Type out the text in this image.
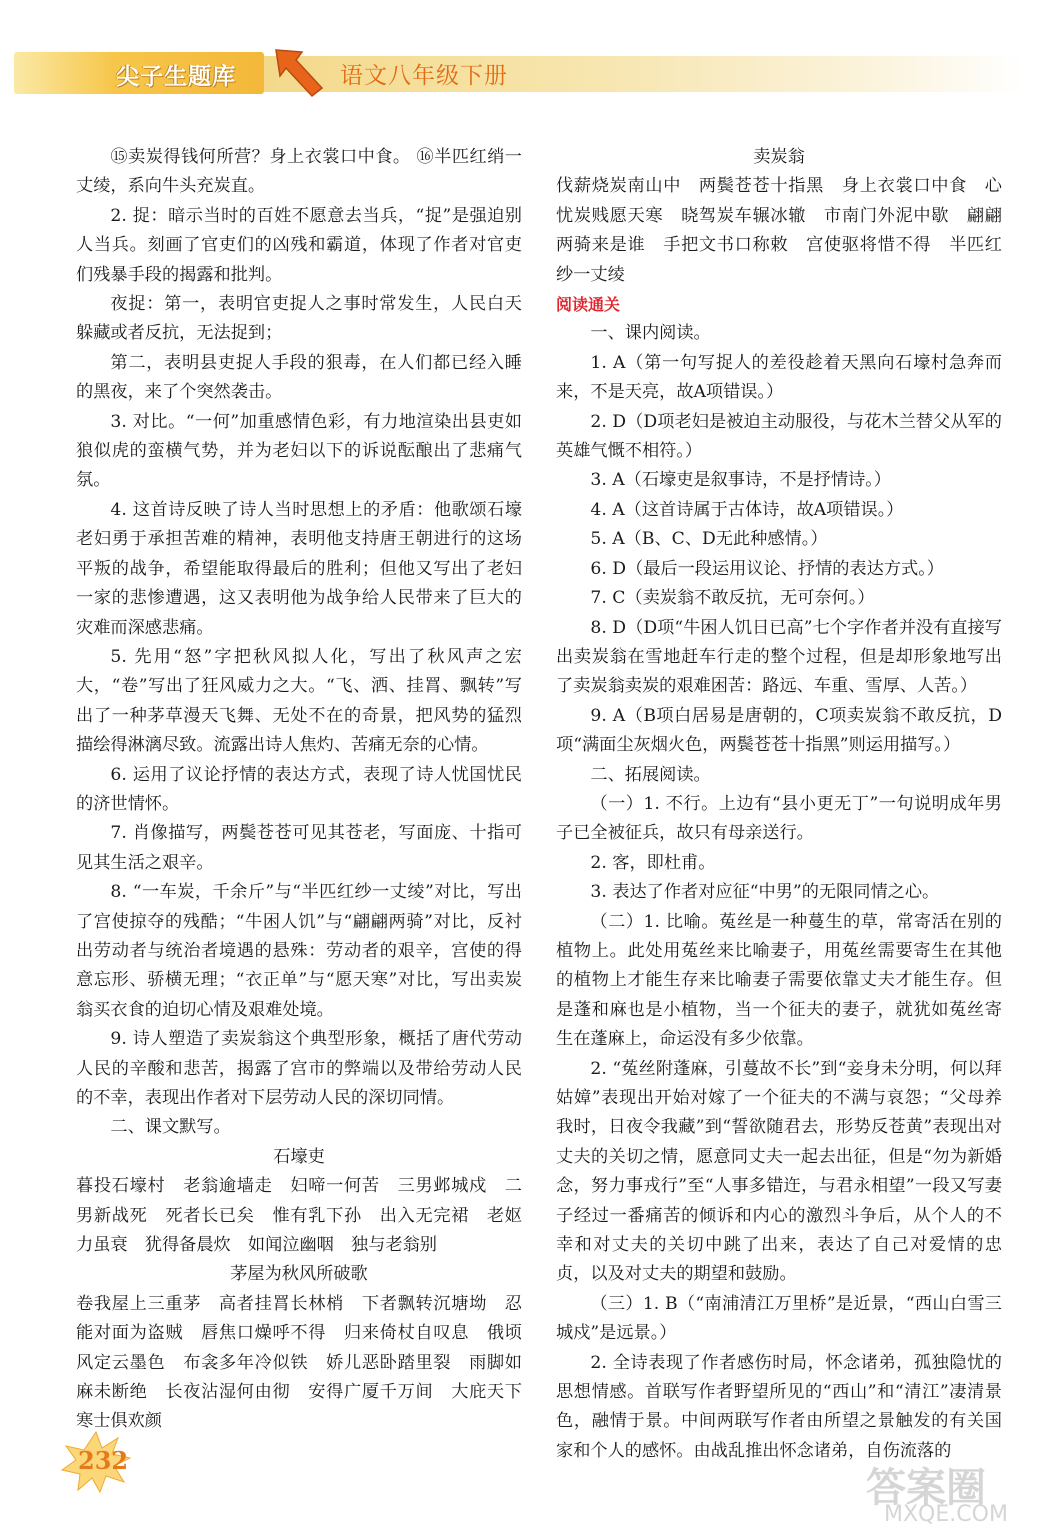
尖子生题库	语文八年级下册

⑮卖炭得钱何所营？身上衣裳口中食。 ⑯半匹红绡一丈绫，系向牛头充炭直。

2. 捉：暗示当时的百姓不愿意去当兵，“捉”是强迫别人当兵。刻画了官吏们的凶残和霸道，体现了作者对官吏们残暴手段的揭露和批判。

夜捉：第一，表明官吏捉人之事时常发生，人民白天躲藏或者反抗，无法捉到；

第二，表明县吏捉人手段的狠毒，在人们都已经入睡的黑夜，来了个突然袭击。

3. 对比。“一何”加重感情色彩，有力地渲染出县吏如狼似虎的蛮横气势，并为老妇以下的诉说酝酿出了悲痛气氛。

4. 这首诗反映了诗人当时思想上的矛盾：他歌颂石壕老妇勇于承担苦难的精神，表明他支持唐王朝进行的这场平叛的战争，希望能取得最后的胜利；但他又写出了老妇一家的悲惨遭遇，这又表明他为战争给人民带来了巨大的灾难而深感悲痛。

5. 先用“怒”字把秋风拟人化，写出了秋风声之宏大，“卷”写出了狂风威力之大。“飞、洒、挂罥、飘转”写出了一种茅草漫天飞舞、无处不在的奇景，把风势的猛烈描绘得淋漓尽致。流露出诗人焦灼、苦痛无奈的心情。

6. 运用了议论抒情的表达方式，表现了诗人忧国忧民的济世情怀。

7. 肖像描写，两鬓苍苍可见其苍老，写面庞、十指可见其生活之艰辛。

8. “一车炭，千余斤”与“半匹红纱一丈绫”对比，写出了宫使掠夺的残酷；“牛困人饥”与“翩翩两骑”对比，反衬出劳动者与统治者境遇的悬殊：劳动者的艰辛，宫使的得意忘形、骄横无理；“衣正单”与“愿天寒”对比，写出卖炭翁买衣食的迫切心情及艰难处境。

9. 诗人塑造了卖炭翁这个典型形象，概括了唐代劳动人民的辛酸和悲苦，揭露了宫市的弊端以及带给劳动人民的不幸，表现出作者对下层劳动人民的深切同情。

二、课文默写。

石壕吏

暮投石壕村　老翁逾墙走　妇啼一何苦　三男邺城戍　二男新战死　死者长已矣　惟有乳下孙　出入无完裙　老妪力虽衰　犹得备晨炊　如闻泣幽咽　独与老翁别

茅屋为秋风所破歌

卷我屋上三重茅　高者挂罥长林梢　下者飘转沉塘坳　忍能对面为盗贼　唇焦口燥呼不得　归来倚杖自叹息　俄顷风定云墨色　布衾多年冷似铁　娇儿恶卧踏里裂　雨脚如麻未断绝　长夜沾湿何由彻　安得广厦千万间　大庇天下寒士俱欢颜

卖炭翁

伐薪烧炭南山中　两鬓苍苍十指黑　身上衣裳口中食　心忧炭贱愿天寒　晓驾炭车辗冰辙　市南门外泥中歇　翩翩两骑来是谁　手把文书口称敕　宫使驱将惜不得　半匹红纱一丈绫

阅读通关

一、课内阅读。

1. A（第一句写捉人的差役趁着天黑向石壕村急奔而来，不是天亮，故A项错误。）

2. D（D项老妇是被迫主动服役，与花木兰替父从军的英雄气慨不相符。）

3. A（石壕吏是叙事诗，不是抒情诗。）

4. A（这首诗属于古体诗，故A项错误。）

5. A（B、C、D无此种感情。）

6. D（最后一段运用议论、抒情的表达方式。）

7. C（卖炭翁不敢反抗，无可奈何。）

8. D（D项“牛困人饥日已高”七个字作者并没有直接写出卖炭翁在雪地赶车行走的整个过程，但是却形象地写出了卖炭翁卖炭的艰难困苦：路远、车重、雪厚、人苦。）

9. A（B项白居易是唐朝的，C项卖炭翁不敢反抗，D项“满面尘灰烟火色，两鬓苍苍十指黑”则运用描写。）

二、拓展阅读。

（一）1. 不行。上边有“县小更无丁”一句说明成年男子已全被征兵，故只有母亲送行。

2. 客，即杜甫。

3. 表达了作者对应征“中男”的无限同情之心。

（二）1. 比喻。菟丝是一种蔓生的草，常寄活在别的植物上。此处用菟丝来比喻妻子，用菟丝需要寄生在其他的植物上才能生存来比喻妻子需要依靠丈夫才能生存。但是蓬和麻也是小植物，当一个征夫的妻子，就犹如菟丝寄生在蓬麻上，命运没有多少依靠。

2. “菟丝附蓬麻，引蔓故不长”到“妾身未分明，何以拜姑嫜”表现出开始对嫁了一个征夫的不满与哀怨；“父母养我时，日夜令我藏”到“誓欲随君去，形势反苍黄”表现出对丈夫的关切之情，愿意同丈夫一起去出征，但是“勿为新婚念，努力事戎行”至“人事多错迕，与君永相望”一段又写妻子经过一番痛苦的倾诉和内心的激烈斗争后，从个人的不幸和对丈夫的关切中跳了出来，表达了自己对爱情的忠贞，以及对丈夫的期望和鼓励。

（三）1. B（“南浦清江万里桥”是近景，“西山白雪三城戍”是远景。）

2. 全诗表现了作者感伤时局，怀念诸弟，孤独隐忧的思想情感。首联写作者野望所见的“西山”和“清江”凄清景色，融情于景。中间两联写作者由所望之景触发的有关国家和个人的感怀。由战乱推出怀念诸弟，自伤流落的

232
答案圈
MXQE.COM
